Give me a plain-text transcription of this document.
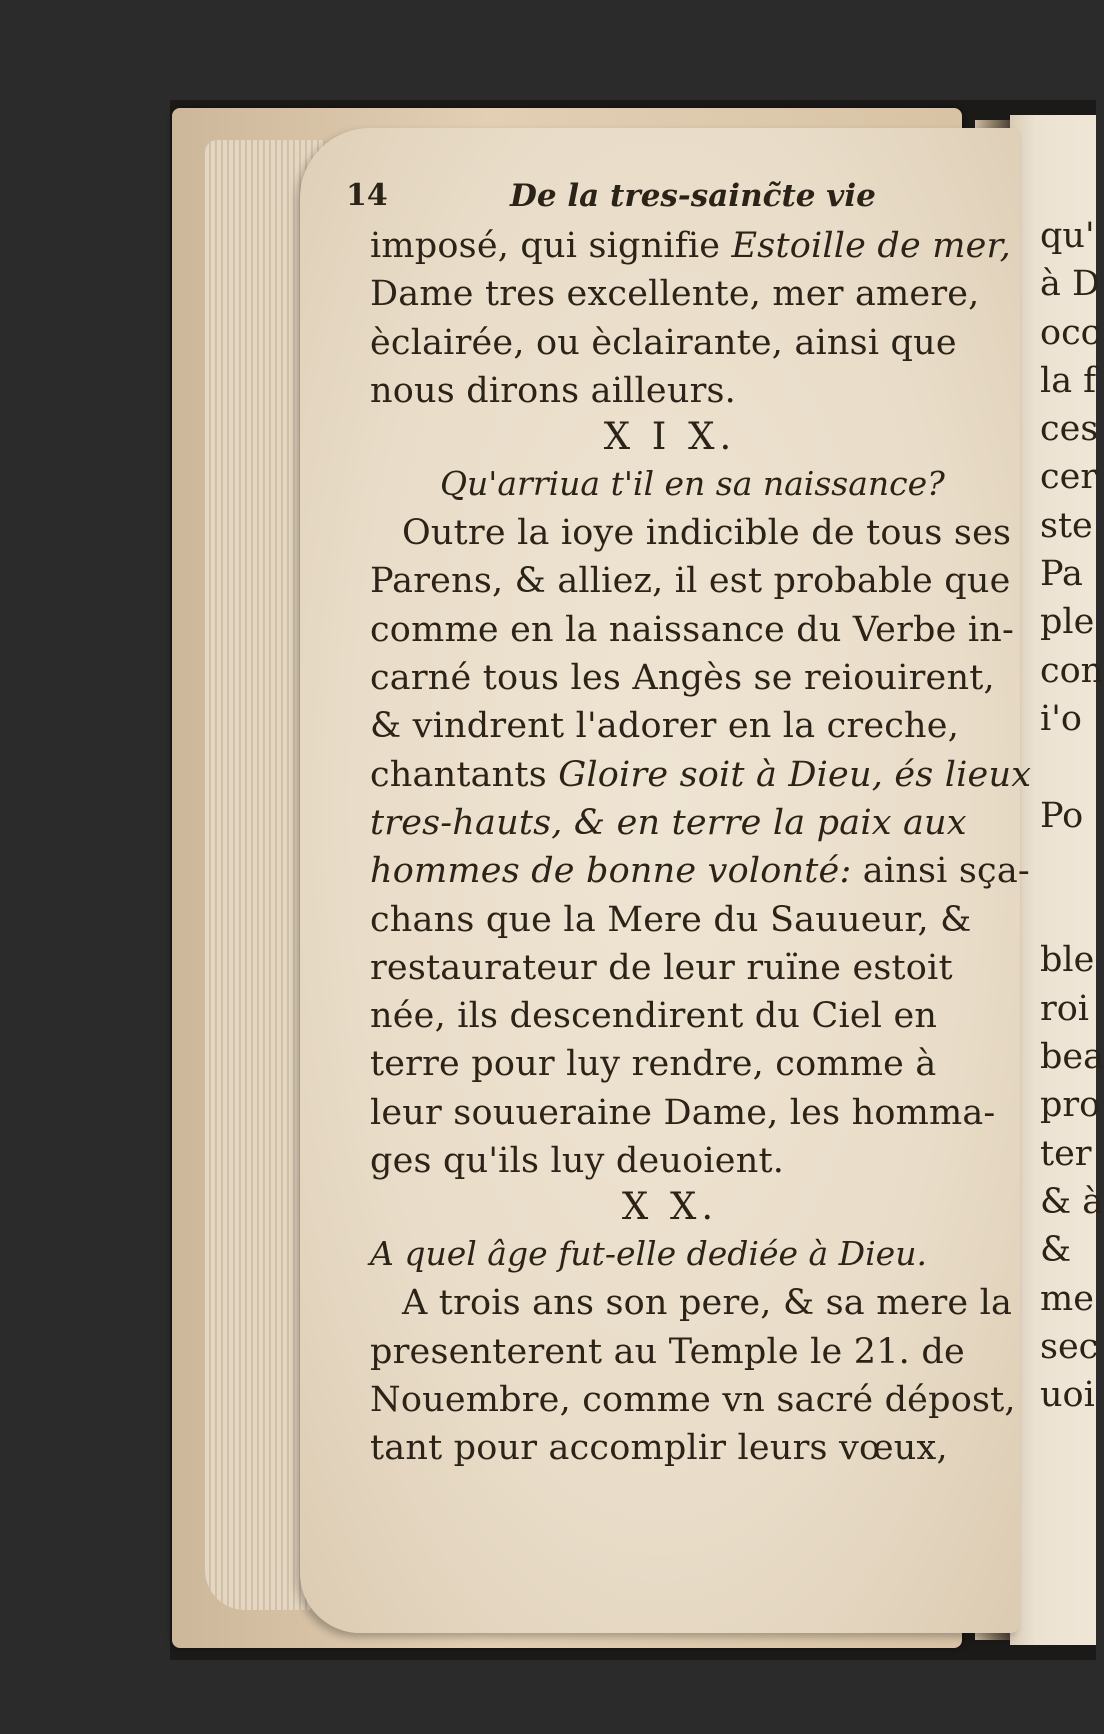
qu'
à D
occ
la f
ces
cer
ste
Pa
ple
con
i'o

Po

ble
roi
bea
pro
ter
& à
&
me
sec
uoi
14	De la tres-sainc̃te vie
imposé, qui signifie Estoille de mer,
Dame tres excellente, mer amere,
èclairée, ou èclairante, ainsi que
nous dirons ailleurs.
X I X.
Qu'arriua t'il en sa naissance?
Outre la ioye indicible de tous ses
Parens, & alliez, il est probable que
comme en la naissance du Verbe in-
carné tous les Angès se reiouirent,
& vindrent l'adorer en la creche,
chantants Gloire soit à Dieu, és lieux
tres-hauts, & en terre la paix aux
hommes de bonne volonté: ainsi sça-
chans que la Mere du Sauueur, &
restaurateur de leur ruïne estoit
née, ils descendirent du Ciel en
terre pour luy rendre, comme à
leur souueraine Dame, les homma-
ges qu'ils luy deuoient.
X X.
A quel âge fut-elle dediée à Dieu.
A trois ans son pere, & sa mere la
presenterent au Temple le 21. de
Nouembre, comme vn sacré dépost,
tant pour accomplir leurs vœux,
